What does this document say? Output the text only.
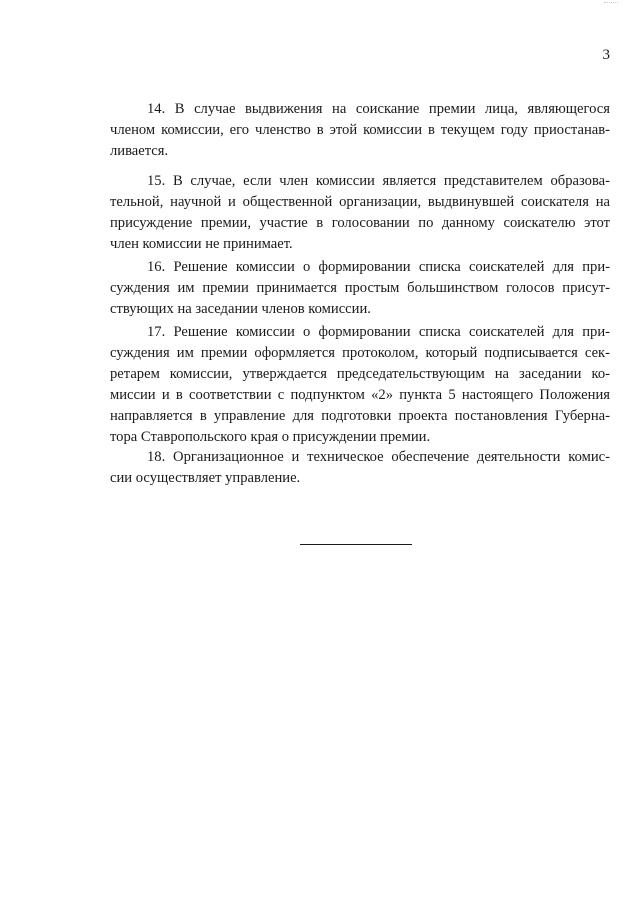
3

14. В случае выдвижения на соискание премии лица, являющегося
членом комиссии, его членство в этой комиссии в текущем году приостанав-
ливается.

15. В случае, если член комиссии является представителем образова-
тельной, научной и общественной организации, выдвинувшей соискателя на
присуждение премии, участие в голосовании по данному соискателю этот
член комиссии не принимает.

16. Решение комиссии о формировании списка соискателей для при-
суждения им премии принимается простым большинством голосов присут-
ствующих на заседании членов комиссии.

17. Решение комиссии о формировании списка соискателей для при-
суждения им премии оформляется протоколом, который подписывается сек-
ретарем комиссии, утверждается председательствующим на заседании ко-
миссии и в соответствии с подпунктом «2» пункта 5 настоящего Положения
направляется в управление для подготовки проекта постановления Губерна-
тора Ставропольского края о присуждении премии.

18. Организационное и техническое обеспечение деятельности комис-
сии осуществляет управление.
